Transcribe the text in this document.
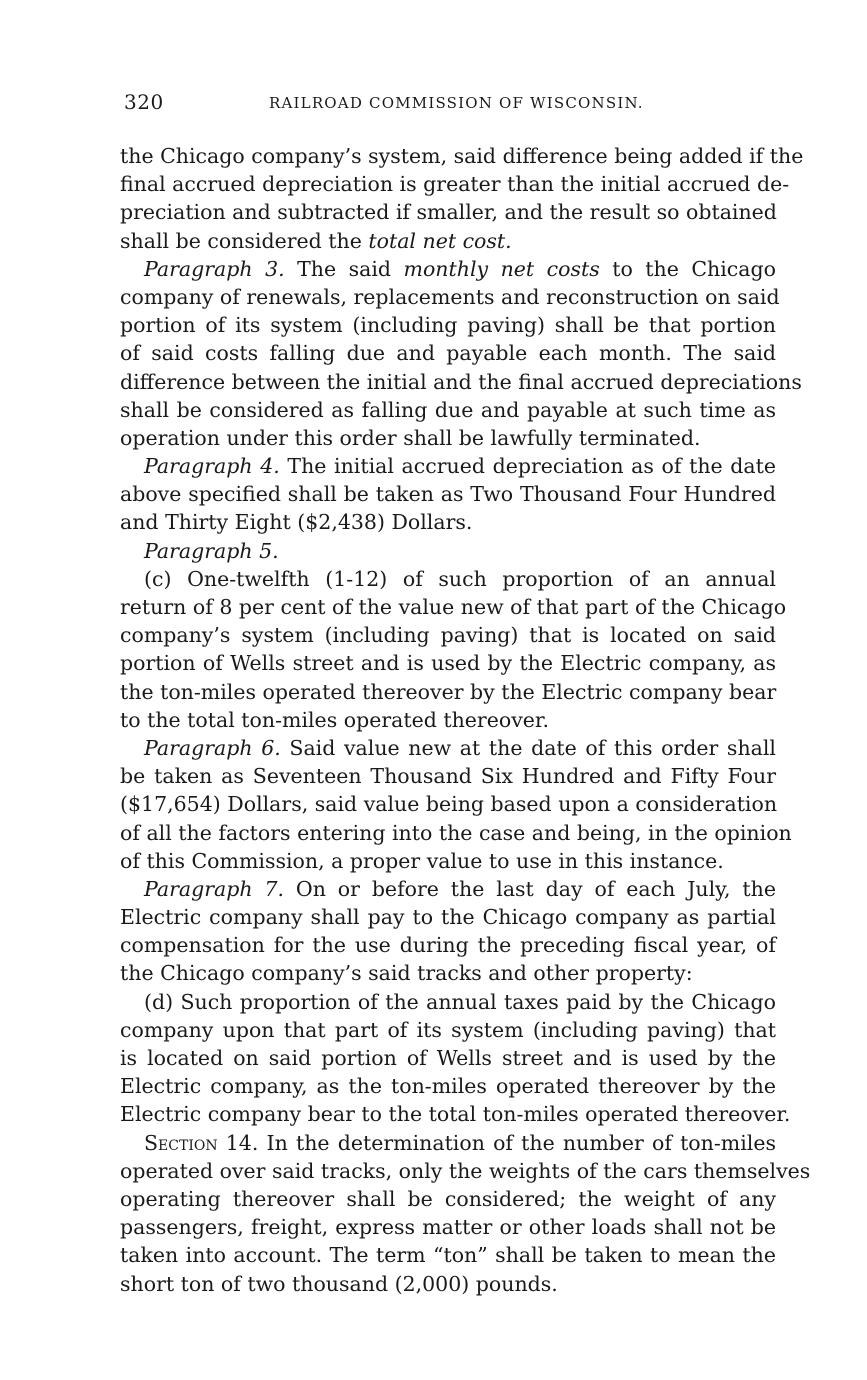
320	RAILROAD COMMISSION OF WISCONSIN.
the Chicago company’s system, said difference being added if the
final accrued depreciation is greater than the initial accrued de-
preciation and subtracted if smaller, and the result so obtained
shall be considered the total net cost.
Paragraph 3. The said monthly net costs to the Chicago
company of renewals, replacements and reconstruction on said
portion of its system (including paving) shall be that portion
of said costs falling due and payable each month. The said
difference between the initial and the final accrued depreciations
shall be considered as falling due and payable at such time as
operation under this order shall be lawfully terminated.
Paragraph 4. The initial accrued depreciation as of the date
above specified shall be taken as Two Thousand Four Hundred
and Thirty Eight ($2,438) Dollars.
Paragraph 5.
(c) One-twelfth (1-12) of such proportion of an annual
return of 8 per cent of the value new of that part of the Chicago
company’s system (including paving) that is located on said
portion of Wells street and is used by the Electric company, as
the ton-miles operated thereover by the Electric company bear
to the total ton-miles operated thereover.
Paragraph 6. Said value new at the date of this order shall
be taken as Seventeen Thousand Six Hundred and Fifty Four
($17,654) Dollars, said value being based upon a consideration
of all the factors entering into the case and being, in the opinion
of this Commission, a proper value to use in this instance.
Paragraph 7. On or before the last day of each July, the
Electric company shall pay to the Chicago company as partial
compensation for the use during the preceding fiscal year, of
the Chicago company’s said tracks and other property:
(d) Such proportion of the annual taxes paid by the Chicago
company upon that part of its system (including paving) that
is located on said portion of Wells street and is used by the
Electric company, as the ton-miles operated thereover by the
Electric company bear to the total ton-miles operated thereover.
Section 14. In the determination of the number of ton-miles
operated over said tracks, only the weights of the cars themselves
operating thereover shall be considered; the weight of any
passengers, freight, express matter or other loads shall not be
taken into account. The term “ton” shall be taken to mean the
short ton of two thousand (2,000) pounds.
